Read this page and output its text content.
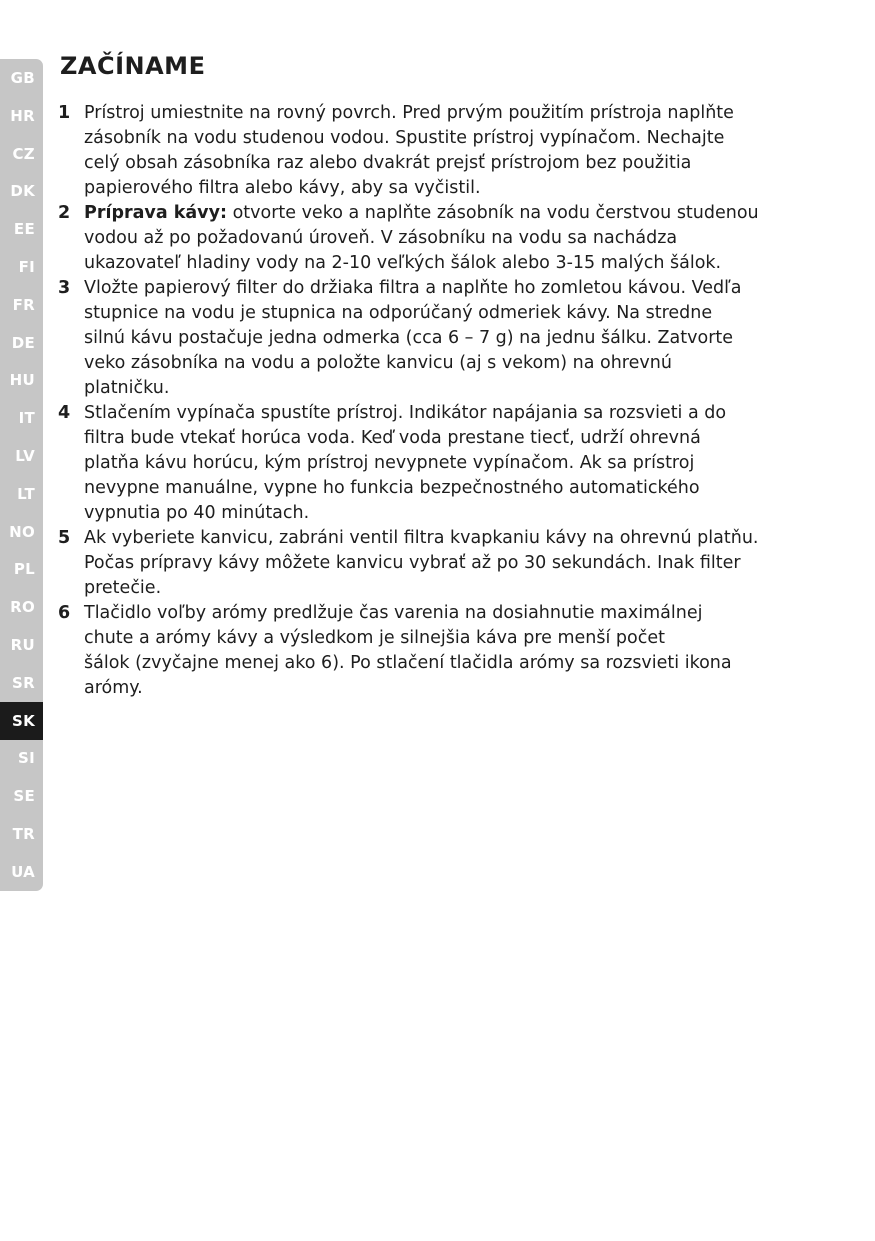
GB
HR
CZ
DK
EE
FI
FR
DE
HU
IT
LV
LT
NO
PL
RO
RU
SR
SK
SI
SE
TR
UA
ZAČÍNAME
1 Prístroj umiestnite na rovný povrch. Pred prvým použitím prístroja naplňte
zásobník na vodu studenou vodou. Spustite prístroj vypínačom. Nechajte
celý obsah zásobníka raz alebo dvakrát prejsť prístrojom bez použitia
papierového filtra alebo kávy, aby sa vyčistil.
2 Príprava kávy: otvorte veko a naplňte zásobník na vodu čerstvou studenou
vodou až po požadovanú úroveň. V zásobníku na vodu sa nachádza
ukazovateľ hladiny vody na 2-10 veľkých šálok alebo 3-15 malých šálok.
3 Vložte papierový filter do držiaka filtra a naplňte ho zomletou kávou. Vedľa
stupnice na vodu je stupnica na odporúčaný odmeriek kávy. Na stredne
silnú kávu postačuje jedna odmerka (cca 6 – 7 g) na jednu šálku. Zatvorte
veko zásobníka na vodu a položte kanvicu (aj s vekom) na ohrevnú
platničku.
4 Stlačením vypínača spustíte prístroj. Indikátor napájania sa rozsvieti a do
filtra bude vtekať horúca voda. Keď voda prestane tiecť, udrží ohrevná
platňa kávu horúcu, kým prístroj nevypnete vypínačom. Ak sa prístroj
nevypne manuálne, vypne ho funkcia bezpečnostného automatického
vypnutia po 40 minútach.
5 Ak vyberiete kanvicu, zabráni ventil filtra kvapkaniu kávy na ohrevnú platňu.
Počas prípravy kávy môžete kanvicu vybrať až po 30 sekundách. Inak filter
pretečie.
6 Tlačidlo voľby arómy predlžuje čas varenia na dosiahnutie maximálnej
chute a arómy kávy a výsledkom je silnejšia káva pre menší počet
šálok (zvyčajne menej ako 6). Po stlačení tlačidla arómy sa rozsvieti ikona
arómy.
